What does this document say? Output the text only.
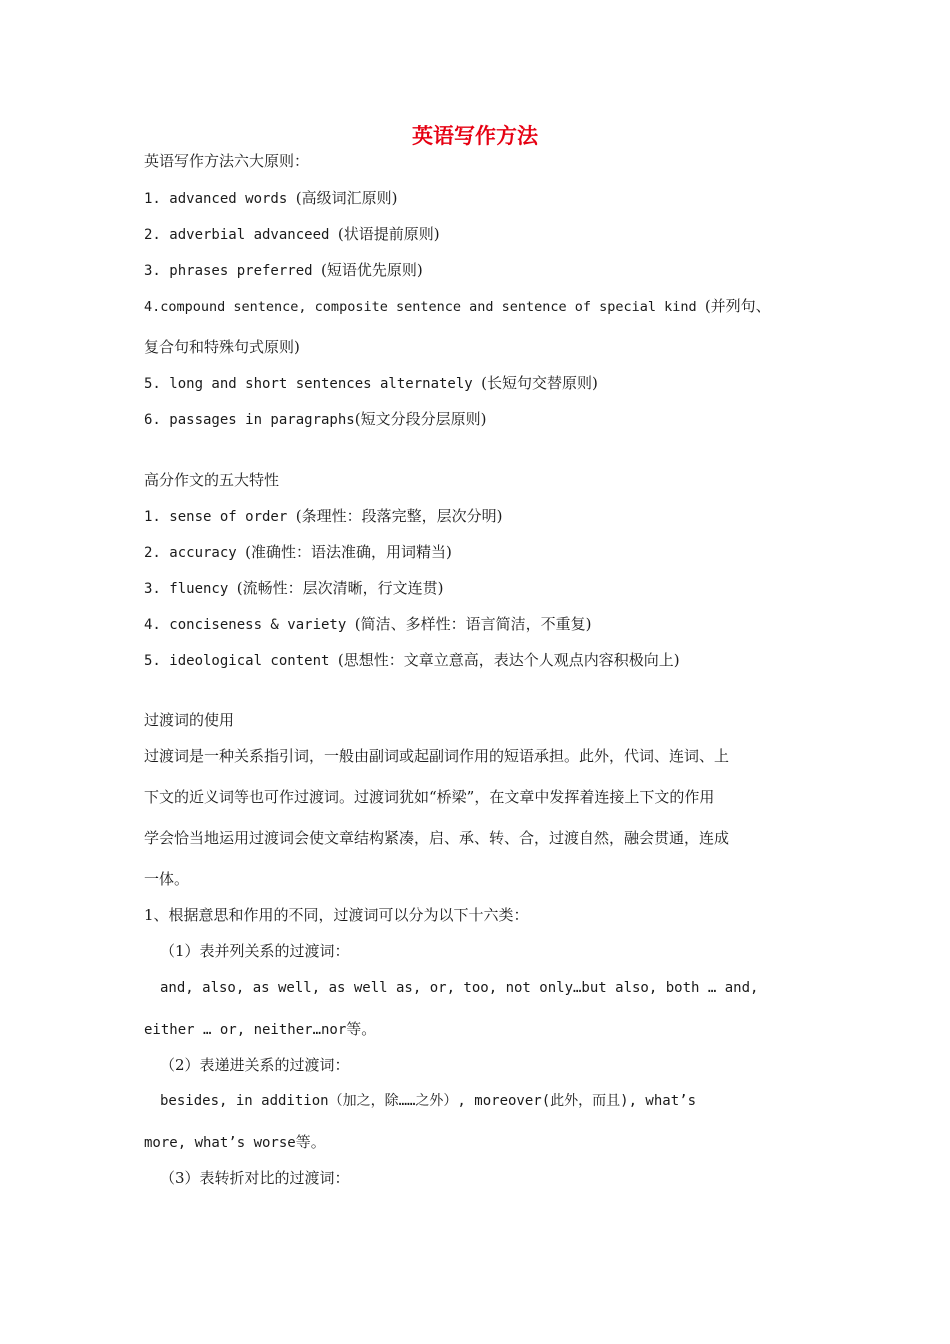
英语写作方法
英语写作方法六大原则：
1. advanced words (高级词汇原则)
2. adverbial advanceed (状语提前原则)
3. phrases preferred (短语优先原则)
4.compound sentence, composite sentence and sentence of special kind (并列句、
复合句和特殊句式原则)
5. long and short sentences alternately (长短句交替原则)
6. passages in paragraphs(短文分段分层原则)
高分作文的五大特性
1. sense of order (条理性：段落完整，层次分明)
2. accuracy (准确性：语法准确，用词精当)
3. fluency (流畅性：层次清晰，行文连贯)
4. conciseness & variety (简洁、多样性：语言简洁，不重复)
5. ideological content (思想性：文章立意高，表达个人观点内容积极向上)
过渡词的使用
过渡词是一种关系指引词，一般由副词或起副词作用的短语承担。此外，代词、连词、上
下文的近义词等也可作过渡词。过渡词犹如“桥梁”，在文章中发挥着连接上下文的作用
学会恰当地运用过渡词会使文章结构紧凑，启、承、转、合，过渡自然，融会贯通，连成
一体。
1、根据意思和作用的不同，过渡词可以分为以下十六类：
（1）表并列关系的过渡词：
and, also, as well, as well as, or, too, not only…but also, both … and,
either … or, neither…nor等。
（2）表递进关系的过渡词：
besides, in addition（加之，除……之外）, moreover(此外，而且), what’s
more, what’s worse等。
（3）表转折对比的过渡词：
